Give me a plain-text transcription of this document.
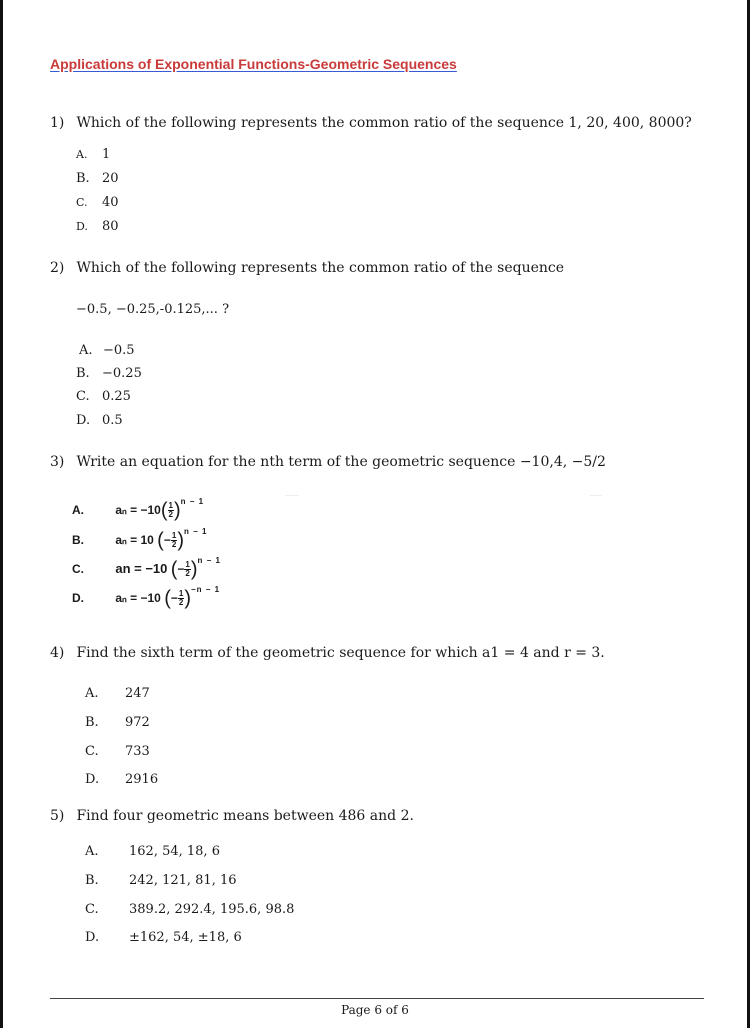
Applications of Exponential Functions-Geometric Sequences
1) Which of the following represents the common ratio of the sequence 1, 20, 400, 8000?
A. 1
B. 20
C. 40
D. 80
2) Which of the following represents the common ratio of the sequence
−0.5, −0.25,-0.125,... ?
A. −0.5
B. −0.25
C. 0.25
D. 0.5
3) Write an equation for the nth term of the geometric sequence −10,4, −5/2
A.	$a_n = -10( \frac{1}{2} )^{n - 1}$
B.	aₙ = 10 (− $\frac{1}{2} )^{n - 1}$
C. an = −10 (− $\frac{1}{2} )^{n - 1}$
D.	aₙ = −10 (− $\frac{1}{2} )^{-n - 1}$
4) Find the sixth term of the geometric sequence for which a1 = 4 and r = 3.
A. 247
B. 972
C. 733
D. 2916
5) Find four geometric means between 486 and 2.
A. 162, 54, 18, 6
B. 242, 121, 81, 16
C. 389.2, 292.4, 195.6, 98.8
D. ±162, 54, ±18, 6
Page 6 of 6
